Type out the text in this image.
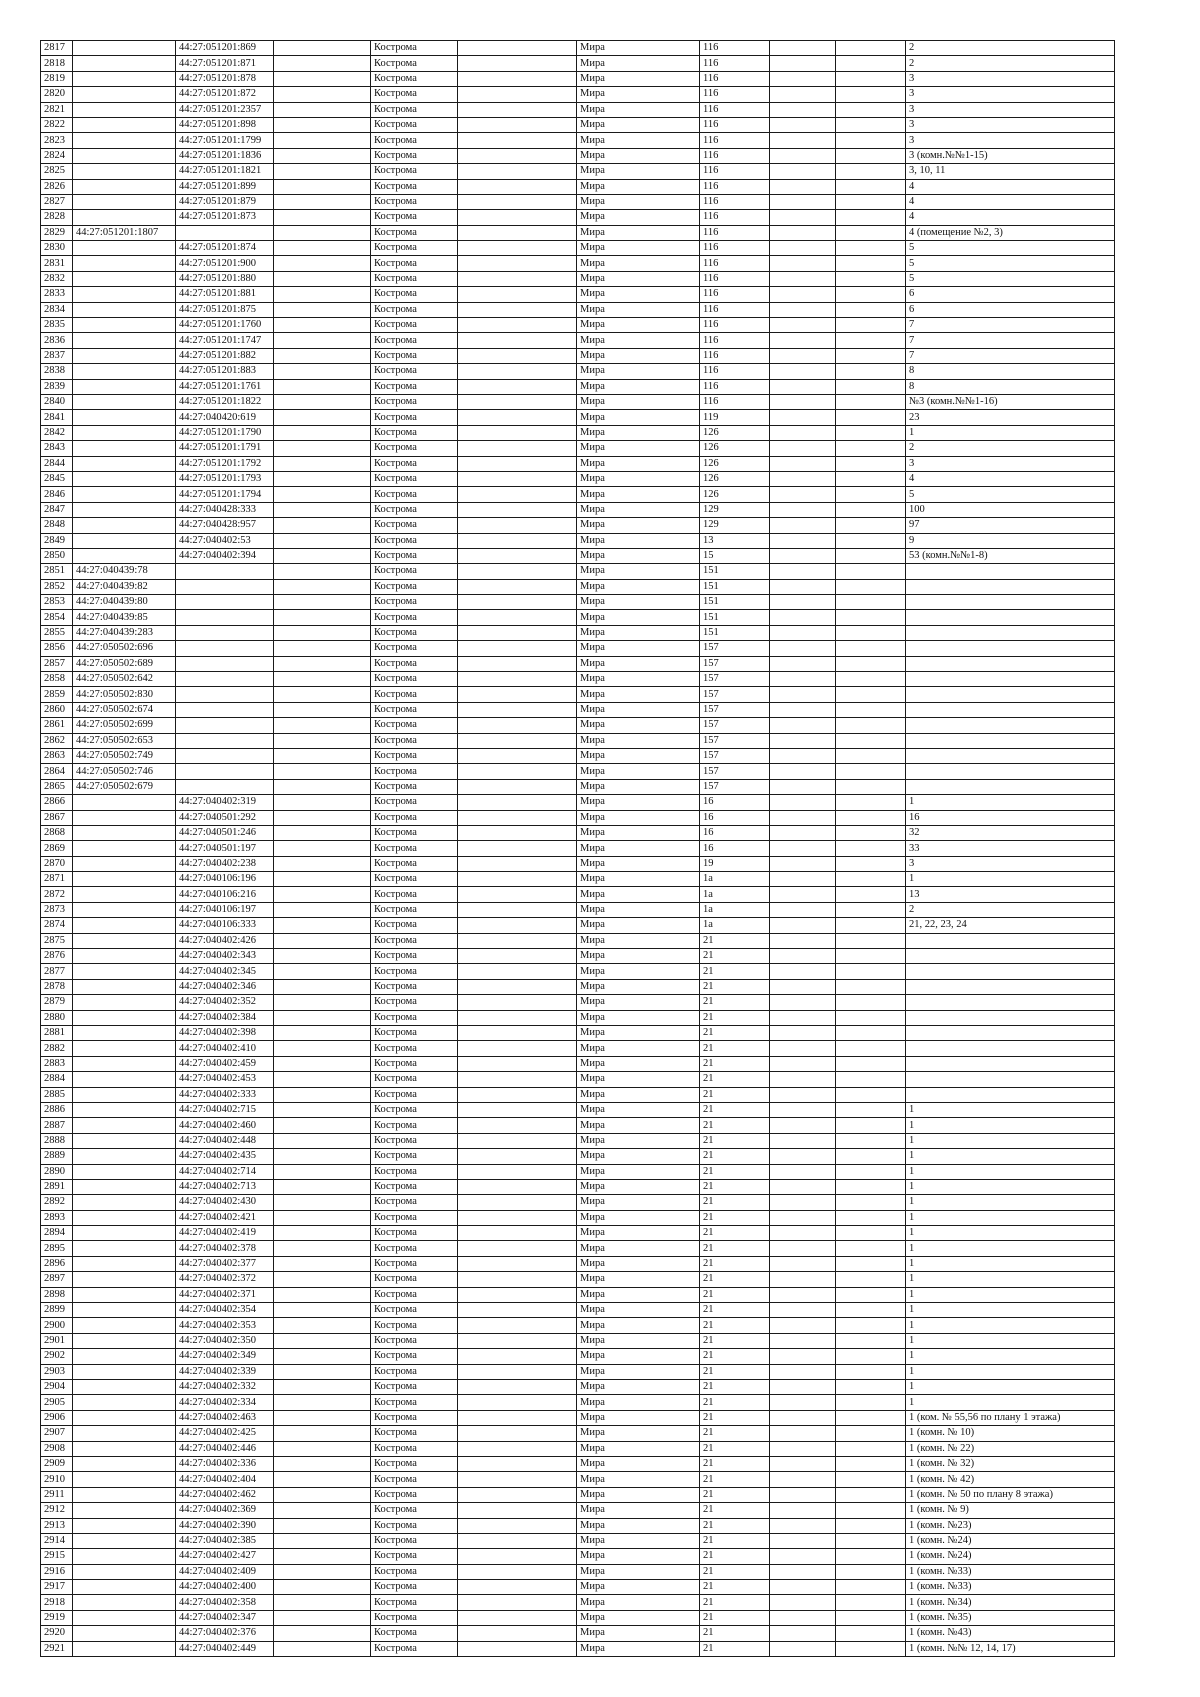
2817		44:27:051201:869		Кострома		Мира	116			2
2818		44:27:051201:871		Кострома		Мира	116			2
2819		44:27:051201:878		Кострома		Мира	116			3
2820		44:27:051201:872		Кострома		Мира	116			3
2821		44:27:051201:2357		Кострома		Мира	116			3
2822		44:27:051201:898		Кострома		Мира	116			3
2823		44:27:051201:1799		Кострома		Мира	116			3
2824		44:27:051201:1836		Кострома		Мира	116			3 (комн.№№1-15)
2825		44:27:051201:1821		Кострома		Мира	116			3, 10, 11
2826		44:27:051201:899		Кострома		Мира	116			4
2827		44:27:051201:879		Кострома		Мира	116			4
2828		44:27:051201:873		Кострома		Мира	116			4
2829	44:27:051201:1807			Кострома		Мира	116			4 (помещение №2, 3)
2830		44:27:051201:874		Кострома		Мира	116			5
2831		44:27:051201:900		Кострома		Мира	116			5
2832		44:27:051201:880		Кострома		Мира	116			5
2833		44:27:051201:881		Кострома		Мира	116			6
2834		44:27:051201:875		Кострома		Мира	116			6
2835		44:27:051201:1760		Кострома		Мира	116			7
2836		44:27:051201:1747		Кострома		Мира	116			7
2837		44:27:051201:882		Кострома		Мира	116			7
2838		44:27:051201:883		Кострома		Мира	116			8
2839		44:27:051201:1761		Кострома		Мира	116			8
2840		44:27:051201:1822		Кострома		Мира	116			№3 (комн.№№1-16)
2841		44:27:040420:619		Кострома		Мира	119			23
2842		44:27:051201:1790		Кострома		Мира	126			1
2843		44:27:051201:1791		Кострома		Мира	126			2
2844		44:27:051201:1792		Кострома		Мира	126			3
2845		44:27:051201:1793		Кострома		Мира	126			4
2846		44:27:051201:1794		Кострома		Мира	126			5
2847		44:27:040428:333		Кострома		Мира	129			100
2848		44:27:040428:957		Кострома		Мира	129			97
2849		44:27:040402:53		Кострома		Мира	13			9
2850		44:27:040402:394		Кострома		Мира	15			53 (комн.№№1-8)
2851	44:27:040439:78			Кострома		Мира	151			
2852	44:27:040439:82			Кострома		Мира	151			
2853	44:27:040439:80			Кострома		Мира	151			
2854	44:27:040439:85			Кострома		Мира	151			
2855	44:27:040439:283			Кострома		Мира	151			
2856	44:27:050502:696			Кострома		Мира	157			
2857	44:27:050502:689			Кострома		Мира	157			
2858	44:27:050502:642			Кострома		Мира	157			
2859	44:27:050502:830			Кострома		Мира	157			
2860	44:27:050502:674			Кострома		Мира	157			
2861	44:27:050502:699			Кострома		Мира	157			
2862	44:27:050502:653			Кострома		Мира	157			
2863	44:27:050502:749			Кострома		Мира	157			
2864	44:27:050502:746			Кострома		Мира	157			
2865	44:27:050502:679			Кострома		Мира	157			
2866		44:27:040402:319		Кострома		Мира	16			1
2867		44:27:040501:292		Кострома		Мира	16			16
2868		44:27:040501:246		Кострома		Мира	16			32
2869		44:27:040501:197		Кострома		Мира	16			33
2870		44:27:040402:238		Кострома		Мира	19			3
2871		44:27:040106:196		Кострома		Мира	1а			1
2872		44:27:040106:216		Кострома		Мира	1а			13
2873		44:27:040106:197		Кострома		Мира	1а			2
2874		44:27:040106:333		Кострома		Мира	1а			21, 22, 23, 24
2875		44:27:040402:426		Кострома		Мира	21			
2876		44:27:040402:343		Кострома		Мира	21			
2877		44:27:040402:345		Кострома		Мира	21			
2878		44:27:040402:346		Кострома		Мира	21			
2879		44:27:040402:352		Кострома		Мира	21			
2880		44:27:040402:384		Кострома		Мира	21			
2881		44:27:040402:398		Кострома		Мира	21			
2882		44:27:040402:410		Кострома		Мира	21			
2883		44:27:040402:459		Кострома		Мира	21			
2884		44:27:040402:453		Кострома		Мира	21			
2885		44:27:040402:333		Кострома		Мира	21			
2886		44:27:040402:715		Кострома		Мира	21			1
2887		44:27:040402:460		Кострома		Мира	21			1
2888		44:27:040402:448		Кострома		Мира	21			1
2889		44:27:040402:435		Кострома		Мира	21			1
2890		44:27:040402:714		Кострома		Мира	21			1
2891		44:27:040402:713		Кострома		Мира	21			1
2892		44:27:040402:430		Кострома		Мира	21			1
2893		44:27:040402:421		Кострома		Мира	21			1
2894		44:27:040402:419		Кострома		Мира	21			1
2895		44:27:040402:378		Кострома		Мира	21			1
2896		44:27:040402:377		Кострома		Мира	21			1
2897		44:27:040402:372		Кострома		Мира	21			1
2898		44:27:040402:371		Кострома		Мира	21			1
2899		44:27:040402:354		Кострома		Мира	21			1
2900		44:27:040402:353		Кострома		Мира	21			1
2901		44:27:040402:350		Кострома		Мира	21			1
2902		44:27:040402:349		Кострома		Мира	21			1
2903		44:27:040402:339		Кострома		Мира	21			1
2904		44:27:040402:332		Кострома		Мира	21			1
2905		44:27:040402:334		Кострома		Мира	21			1
2906		44:27:040402:463		Кострома		Мира	21			1 (ком. № 55,56 по плану 1 этажа)
2907		44:27:040402:425		Кострома		Мира	21			1 (комн. № 10)
2908		44:27:040402:446		Кострома		Мира	21			1 (комн. № 22)
2909		44:27:040402:336		Кострома		Мира	21			1 (комн. № 32)
2910		44:27:040402:404		Кострома		Мира	21			1 (комн. № 42)
2911		44:27:040402:462		Кострома		Мира	21			1 (комн. № 50 по плану 8 этажа)
2912		44:27:040402:369		Кострома		Мира	21			1 (комн. № 9)
2913		44:27:040402:390		Кострома		Мира	21			1 (комн. №23)
2914		44:27:040402:385		Кострома		Мира	21			1 (комн. №24)
2915		44:27:040402:427		Кострома		Мира	21			1 (комн. №24)
2916		44:27:040402:409		Кострома		Мира	21			1 (комн. №33)
2917		44:27:040402:400		Кострома		Мира	21			1 (комн. №33)
2918		44:27:040402:358		Кострома		Мира	21			1 (комн. №34)
2919		44:27:040402:347		Кострома		Мира	21			1 (комн. №35)
2920		44:27:040402:376		Кострома		Мира	21			1 (комн. №43)
2921		44:27:040402:449		Кострома		Мира	21			1 (комн. №№ 12, 14, 17)
